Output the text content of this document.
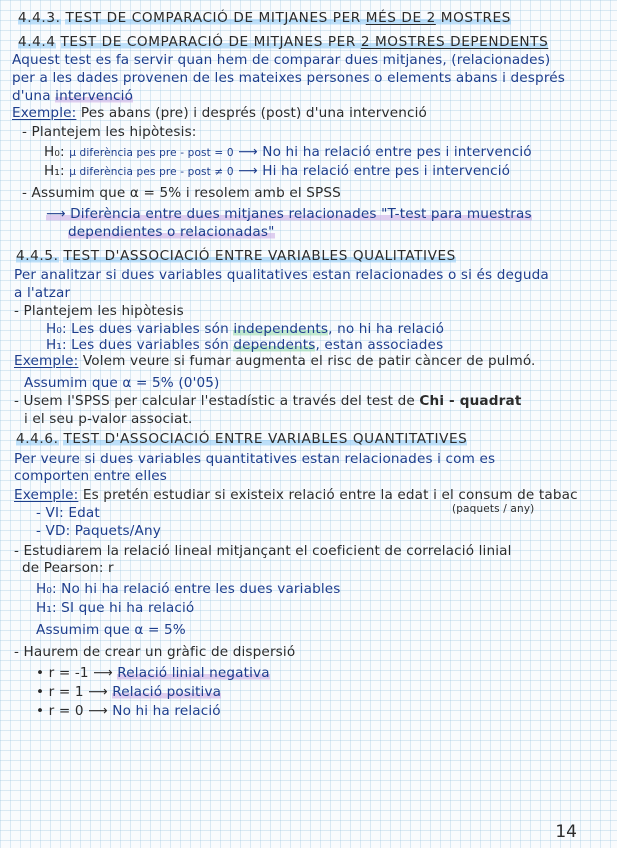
4.4.3. TEST DE COMPARACIÓ DE MITJANES PER MÉS DE 2 MOSTRES
4.4.4 TEST DE COMPARACIÓ DE MITJANES PER 2 MOSTRES DEPENDENTS
Aquest test es fa servir quan hem de comparar dues mitjanes, (relacionades)
per a les dades provenen de les mateixes persones o elements abans i després
d'una intervenció
Exemple: Pes abans (pre) i després (post) d'una intervenció
- Plantejem les hipòtesis:
H₀: μ diferència pes pre - post = 0 ⟶ No hi ha relació entre pes i intervenció
H₁: μ diferència pes pre - post ≠ 0 ⟶ Hi ha relació entre pes i intervenció
- Assumim que α = 5% i resolem amb el SPSS
⟶ Diferència entre dues mitjanes relacionades "T-test para muestras
dependientes o relacionadas"
4.4.5. TEST D'ASSOCIACIÓ ENTRE VARIABLES QUALITATIVES
Per analitzar si dues variables qualitatives estan relacionades o si és deguda
a l'atzar
- Plantejem les hipòtesis
H₀: Les dues variables són independents, no hi ha relació
H₁: Les dues variables són dependents, estan associades
Exemple: Volem veure si fumar augmenta el risc de patir càncer de pulmó.
Assumim que α = 5% (0'05)
- Usem l'SPSS per calcular l'estadístic a través del test de Chi - quadrat
i el seu p-valor associat.
4.4.6. TEST D'ASSOCIACIÓ ENTRE VARIABLES QUANTITATIVES
Per veure si dues variables quantitatives estan relacionades i com es
comporten entre elles
Exemple: Es pretén estudiar si existeix relació entre la edat i el consum de tabac
(paquets / any)
- VI: Edat
- VD: Paquets/Any
- Estudiarem la relació lineal mitjançant el coeficient de correlació linial
de Pearson: r
H₀: No hi ha relació entre les dues variables
H₁: SI que hi ha relació
Assumim que α = 5%
- Haurem de crear un gràfic de dispersió
• r = -1 ⟶ Relació linial negativa
• r = 1 ⟶ Relació positiva
• r = 0 ⟶ No hi ha relació
14
